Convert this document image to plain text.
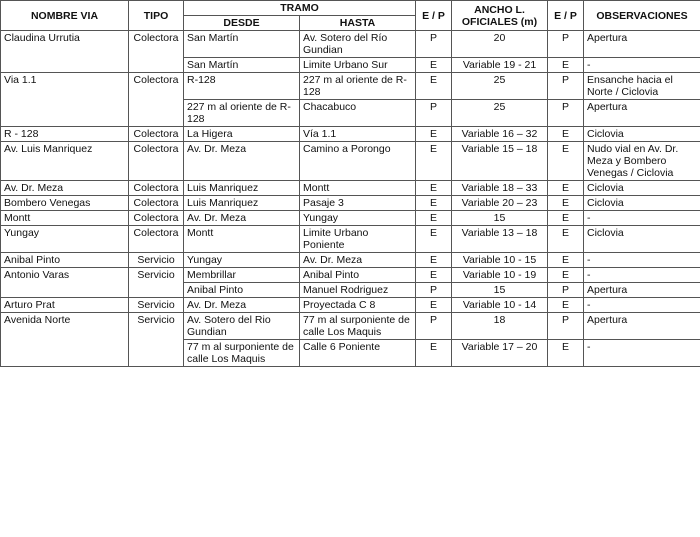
NOMBRE VIA	TIPO	TRAMO		E / P	ANCHO L. OFICIALES (m)	E / P	OBSERVACIONES
		DESDE	HASTA				
Claudina Urrutia	Colectora	San Martín	Av. Sotero del Río Gundian	P	20	P	Apertura
		San Martín	Limite Urbano Sur	E	Variable 19 - 21	E	-
Via 1.1	Colectora	R-128	227 m al oriente de R-128	E	25	P	Ensanche hacia el Norte / Ciclovia
		227 m al oriente de R-128	Chacabuco	P	25	P	Apertura
R - 128	Colectora	La Higera	Vía 1.1	E	Variable 16 – 32	E	Ciclovia
Av. Luis Manriquez	Colectora	Av. Dr. Meza	Camino a Porongo	E	Variable 15 – 18	E	Nudo vial en Av. Dr. Meza y Bombero Venegas / Ciclovia
Av. Dr. Meza	Colectora	Luis Manriquez	Montt	E	Variable 18 – 33	E	Ciclovia
Bombero Venegas	Colectora	Luis Manriquez	Pasaje 3	E	Variable 20 – 23	E	Ciclovia
Montt	Colectora	Av. Dr. Meza	Yungay	E	15	E	-
Yungay	Colectora	Montt	Limite Urbano Poniente	E	Variable 13 – 18	E	Ciclovia
Anibal Pinto	Servicio	Yungay	Av. Dr. Meza	E	Variable 10 - 15	E	-
Antonio Varas	Servicio	Membrillar	Anibal Pinto	E	Variable 10 - 19	E	-
		Anibal Pinto	Manuel Rodriguez	P	15	P	Apertura
Arturo Prat	Servicio	Av. Dr. Meza	Proyectada C 8	E	Variable 10 - 14	E	-
Avenida Norte	Servicio	Av. Sotero del Rio Gundian	77 m al surponiente de calle Los Maquis	P	18	P	Apertura
		77 m al surponiente de calle Los Maquis	Calle 6 Poniente	E	Variable 17 – 20	E	-
